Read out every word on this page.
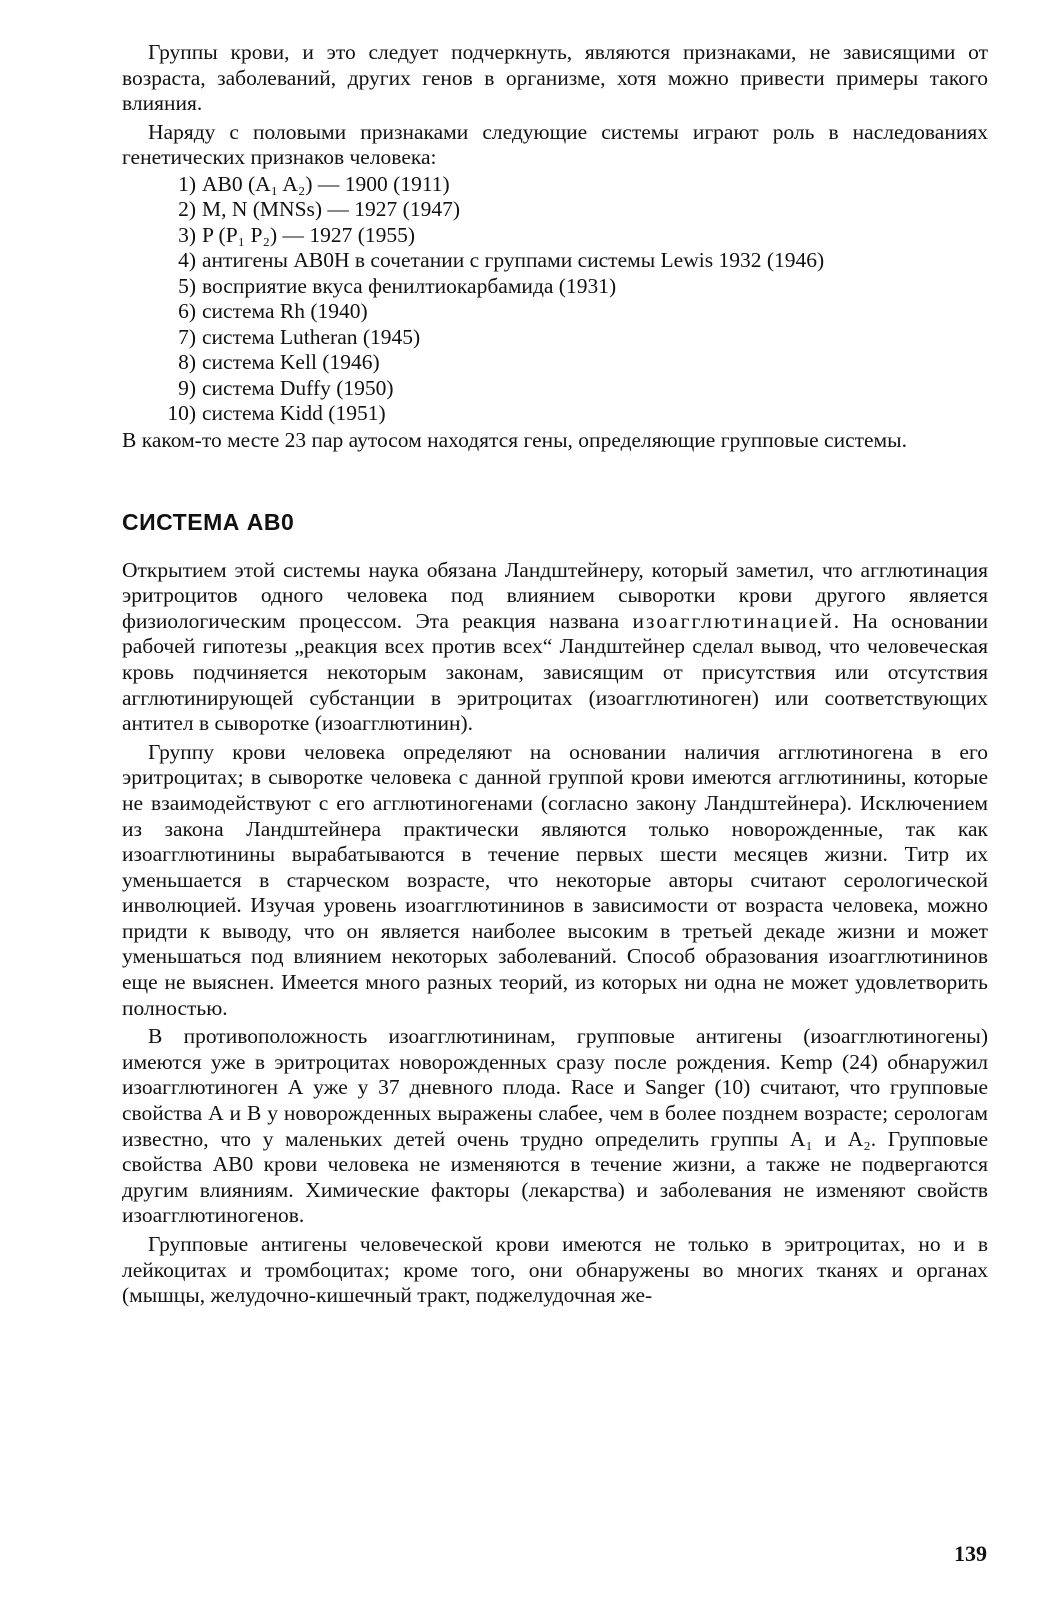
Группы крови, и это следует подчеркнуть, являются признаками, не зависящими от возраста, заболеваний, других генов в организме, хотя можно привести примеры такого влияния.

Наряду с половыми признаками следующие системы играют роль в наследованиях генетических признаков человека:

1) AB0 (A₁ A₂) — 1900 (1911)
2) M, N (MNSs) — 1927 (1947)
3) P (P₁ P₂) — 1927 (1955)
4) антигены AB0H в сочетании с группами системы Lewis 1932 (1946)
5) восприятие вкуса фенилтиокарбамида (1931)
6) система Rh (1940)
7) система Lutheran (1945)
8) система Kell (1946)
9) система Duffy (1950)
10) система Kidd (1951)

В каком-то месте 23 пар аутосом находятся гены, определяющие групповые системы.

СИСТЕМА AB0

Открытием этой системы наука обязана Ландштейнеру, который заметил, что агглютинация эритроцитов одного человека под влиянием сыворотки крови другого является физиологическим процессом. Эта реакция названа изоагглютинацией. На основании рабочей гипотезы „реакция всех против всех“ Ландштейнер сделал вывод, что человеческая кровь подчиняется некоторым законам, зависящим от присутствия или отсутствия агглютинирующей субстанции в эритроцитах (изоагглютиноген) или соответствующих антител в сыворотке (изоагглютинин).

Группу крови человека определяют на основании наличия агглютиногена в его эритроцитах; в сыворотке человека с данной группой крови имеются агглютинины, которые не взаимодействуют с его агглютиногенами (согласно закону Ландштейнера). Исключением из закона Ландштейнера практически являются только новорожденные, так как изоагглютинины вырабатываются в течение первых шести месяцев жизни. Титр их уменьшается в старческом возрасте, что некоторые авторы считают серологической инволюцией. Изучая уровень изоагглютининов в зависимости от возраста человека, можно придти к выводу, что он является наиболее высоким в третьей декаде жизни и может уменьшаться под влиянием некоторых заболеваний. Способ образования изоагглютининов еще не выяснен. Имеется много разных теорий, из которых ни одна не может удовлетворить полностью.

В противоположность изоагглютининам, групповые антигены (изоагглютиногены) имеются уже в эритроцитах новорожденных сразу после рождения. Kemp (24) обнаружил изоагглютиноген А уже у 37 дневного плода. Race и Sanger (10) считают, что групповые свойства А и В у новорожденных выражены слабее, чем в более позднем возрасте; серологам известно, что у маленьких детей очень трудно определить группы A₁ и A₂. Групповые свойства AB0 крови человека не изменяются в течение жизни, а также не подвергаются другим влияниям. Химические факторы (лекарства) и заболевания не изменяют свойств изоагглютиногенов.

Групповые антигены человеческой крови имеются не только в эритроцитах, но и в лейкоцитах и тромбоцитах; кроме того, они обнаружены во многих тканях и органах (мышцы, желудочно-кишечный тракт, поджелудочная же-

139
